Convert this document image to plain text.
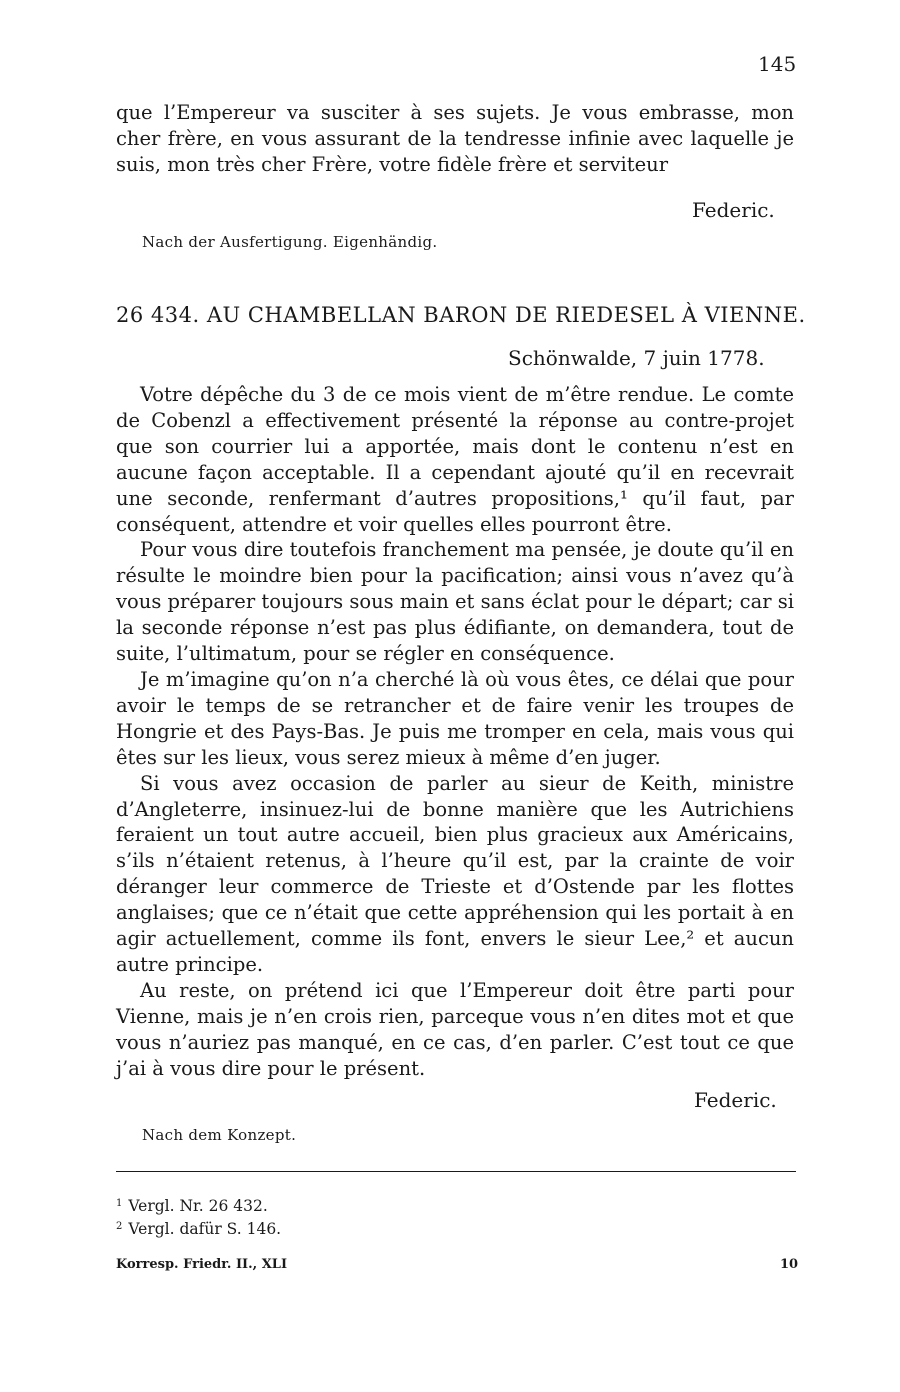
145

que l’Empereur va susciter à ses sujets. Je vous embrasse, mon cher frère, en vous assurant de la tendresse infinie avec laquelle je suis, mon très cher Frère, votre fidèle frère et serviteur

Federic.
Nach der Ausfertigung. Eigenhändig.
26 434. AU CHAMBELLAN BARON DE RIEDESEL À VIENNE.
Schönwalde, 7 juin 1778.

Votre dépêche du 3 de ce mois vient de m’être rendue. Le comte de Cobenzl a effectivement présenté la réponse au contre-projet que son courrier lui a apportée, mais dont le contenu n’est en aucune façon acceptable. Il a cependant ajouté qu’il en recevrait une seconde, renfermant d’autres propositions,¹ qu’il faut, par conséquent, attendre et voir quelles elles pourront être.

Pour vous dire toutefois franchement ma pensée, je doute qu’il en résulte le moindre bien pour la pacification; ainsi vous n’avez qu’à vous préparer toujours sous main et sans éclat pour le départ; car si la seconde réponse n’est pas plus édifiante, on demandera, tout de suite, l’ultimatum, pour se régler en conséquence.

Je m’imagine qu’on n’a cherché là où vous êtes, ce délai que pour avoir le temps de se retrancher et de faire venir les troupes de Hongrie et des Pays-Bas. Je puis me tromper en cela, mais vous qui êtes sur les lieux, vous serez mieux à même d’en juger.

Si vous avez occasion de parler au sieur de Keith, ministre d’Angleterre, insinuez-lui de bonne manière que les Autrichiens feraient un tout autre accueil, bien plus gracieux aux Américains, s’ils n’étaient retenus, à l’heure qu’il est, par la crainte de voir déranger leur commerce de Trieste et d’Ostende par les flottes anglaises; que ce n’était que cette appréhension qui les portait à en agir actuellement, comme ils font, envers le sieur Lee,² et aucun autre principe.

Au reste, on prétend ici que l’Empereur doit être parti pour Vienne, mais je n’en crois rien, parceque vous n’en dites mot et que vous n’auriez pas manqué, en ce cas, d’en parler. C’est tout ce que j’ai à vous dire pour le présent.

Federic.
Nach dem Konzept.
$^1$ Vergl. Nr. 26 432.
$^2$ Vergl. dafür S. 146.
Korresp. Friedr. II., XLI	10
